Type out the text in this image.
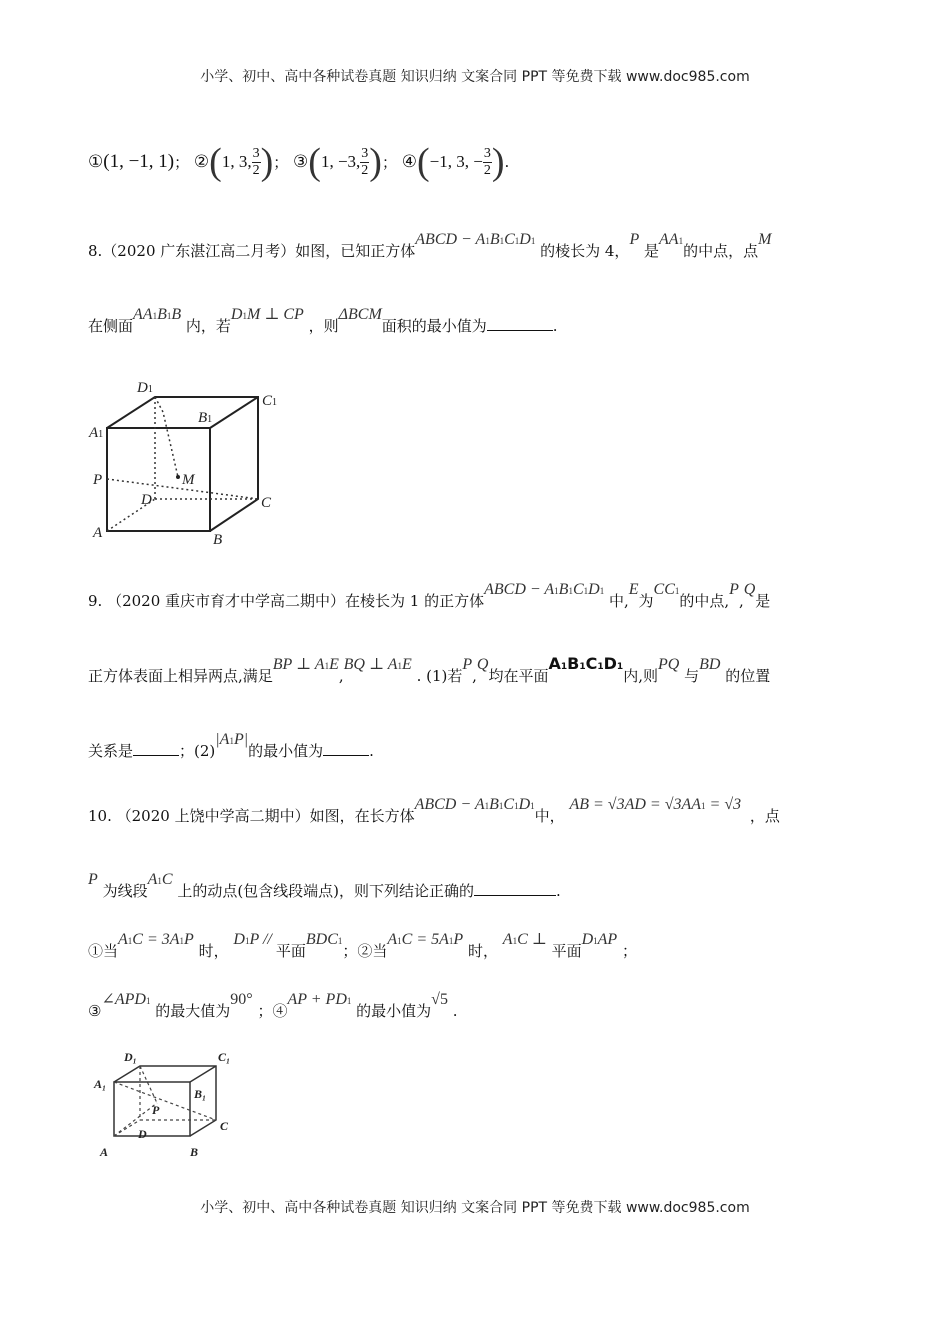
小学、初中、高中各种试卷真题 知识归纳 文案合同 PPT 等免费下载 www.doc985.com
①(1, −1, 1)； ②(1, 3, $\frac{3}{2}$ )； ③(1, −3, $\frac{3}{2}$ )； ④(−1, 3, − $\frac{3}{2}$ ).
8.（2020 广东湛江高二月考）如图，已知正方体ABCD − A1B1C1D1 的棱长为 4，P 是AA1的中点，点M
在侧面AA1B1B 内，若D1M ⊥ CP ，则ΔBCM面积的最小值为	.
D1
C1
B1
A1
M
P
D	C
A	B
9. （2020 重庆市育才中学高二期中）在棱长为 1 的正方体ABCD − A1B1C1D1 中,E为CC1的中点,P,Q是
正方体表面上相异两点,满足BP ⊥ A1E,BQ ⊥ A1E . (1)若P,Q均在平面A1B1C1D1内,则PQ 与BD 的位置
关系是	；(2)|A1P|的最小值为	.
10. （2020 上饶中学高二期中）如图，在长方体ABCD − A1B1C1D1中， AB = √3AD = √3AA1 = √3 ，点
P 为线段A1C 上的动点(包含线段端点)，则下列结论正确的	.
①当A1C = 3A1P 时， D1P // 平面BDC1；②当A1C = 5A1P 时， A1C ⊥ 平面D1AP ；
③∠APD1 的最大值为90° ；④AP + PD1 的最小值为√5 .
D₁	C₁
A₁
B₁
P
C
D
A	B
小学、初中、高中各种试卷真题 知识归纳 文案合同 PPT 等免费下载 www.doc985.com
